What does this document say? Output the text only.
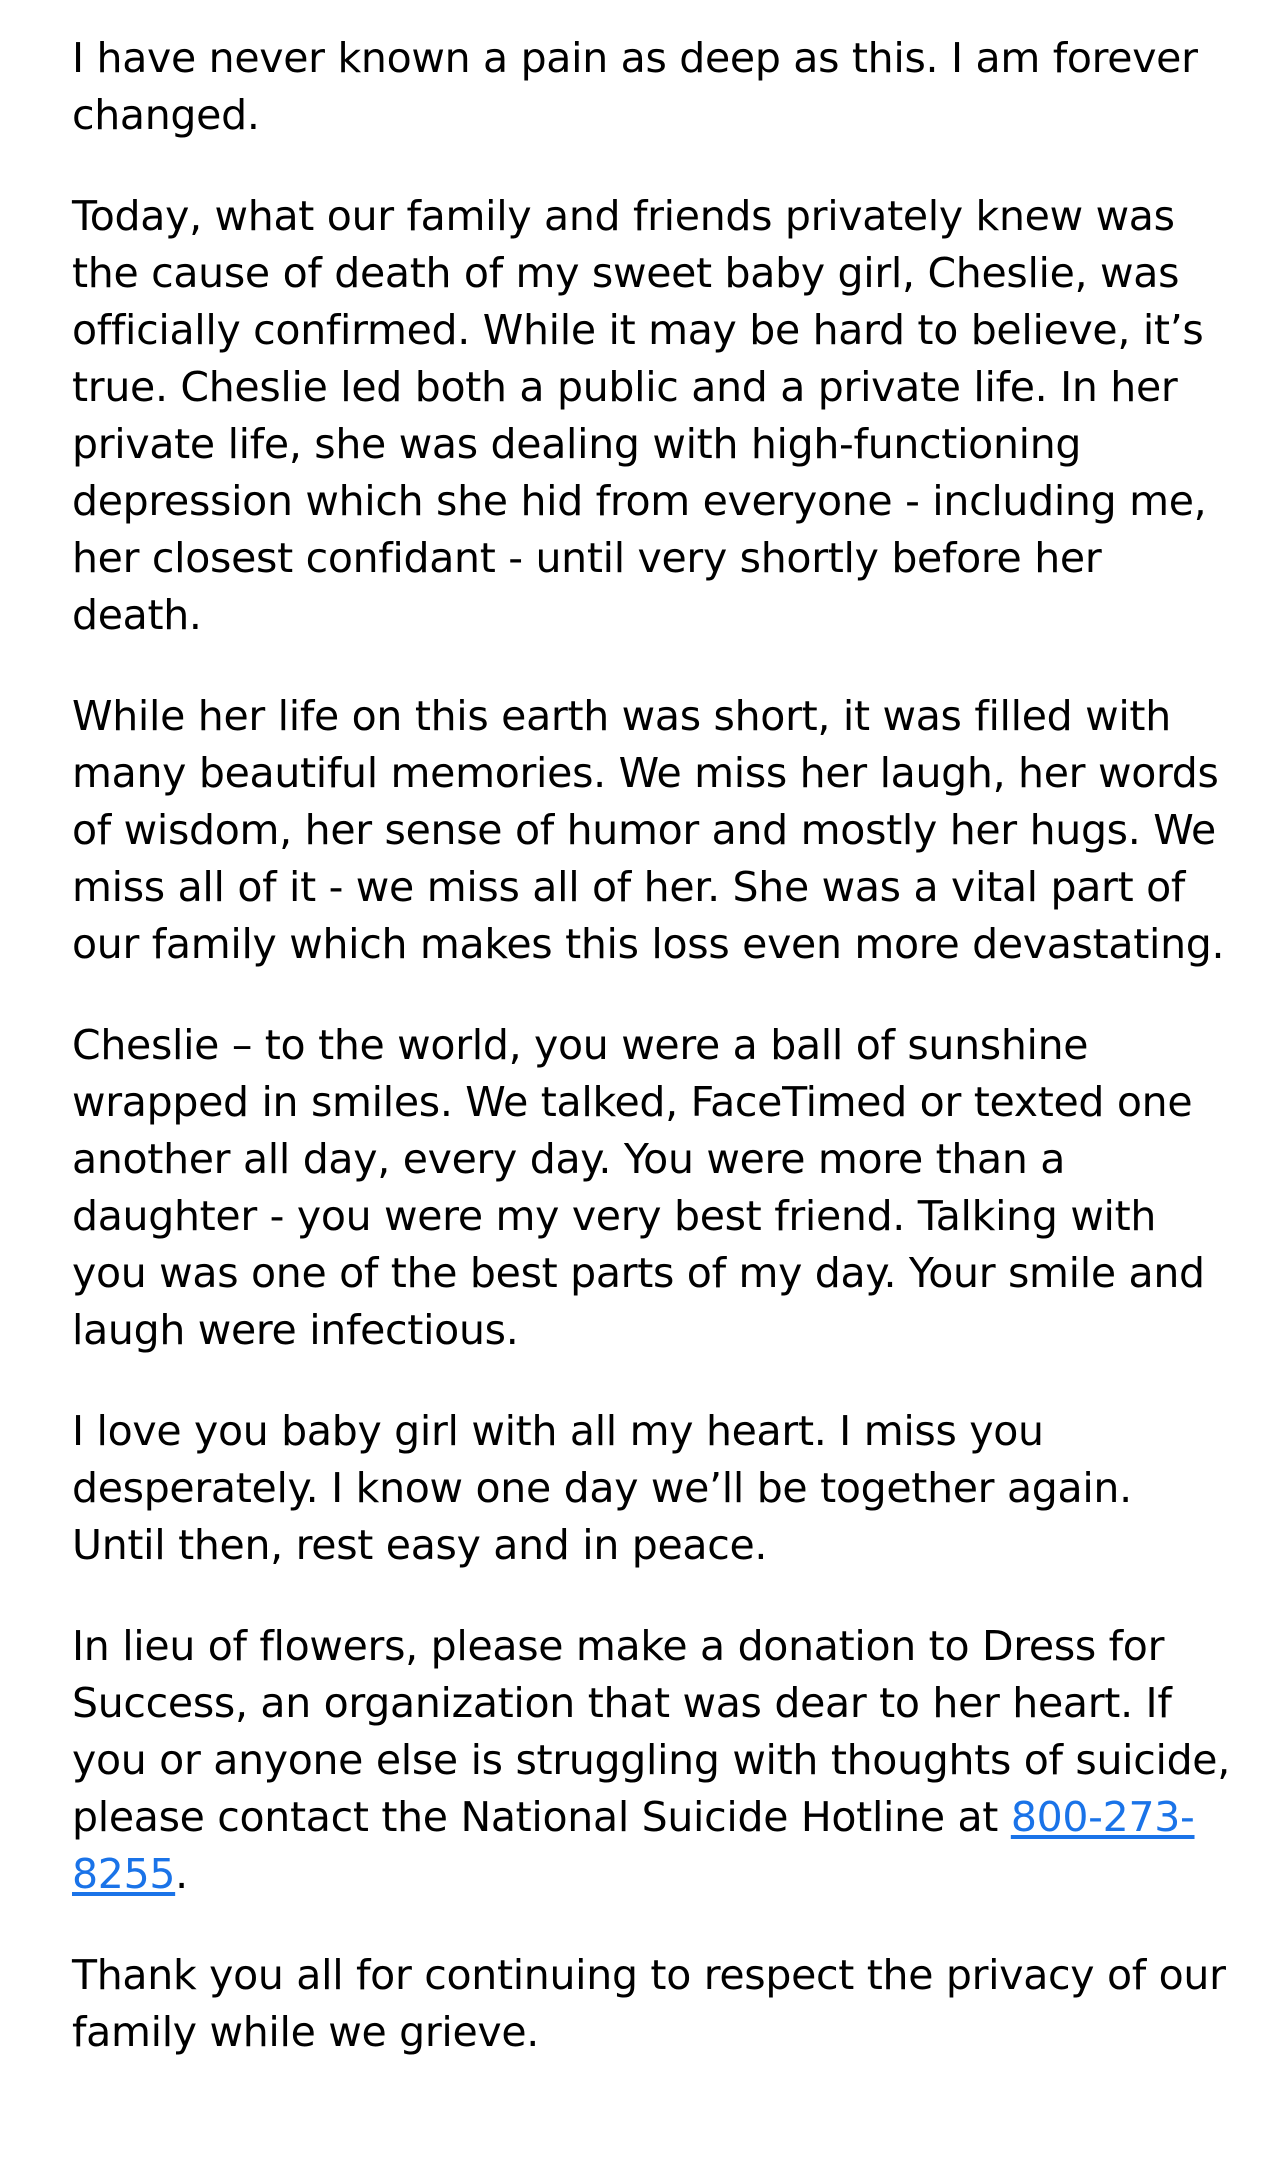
I have never known a pain as deep as this. I am forever changed.

Today, what our family and friends privately knew was the cause of death of my sweet baby girl, Cheslie, was officially confirmed. While it may be hard to believe, it’s true. Cheslie led both a public and a private life. In her private life, she was dealing with high-functioning depression which she hid from everyone - including me, her closest confidant - until very shortly before her death.

While her life on this earth was short, it was filled with many beautiful memories. We miss her laugh, her words of wisdom, her sense of humor and mostly her hugs. We miss all of it - we miss all of her. She was a vital part of our family which makes this loss even more devastating.

Cheslie – to the world, you were a ball of sunshine wrapped in smiles. We talked, FaceTimed or texted one another all day, every day. You were more than a daughter - you were my very best friend. Talking with you was one of the best parts of my day. Your smile and laugh were infectious.

I love you baby girl with all my heart. I miss you desperately. I know one day we’ll be together again. Until then, rest easy and in peace.

In lieu of flowers, please make a donation to Dress for Success, an organization that was dear to her heart. If you or anyone else is struggling with thoughts of suicide, please contact the National Suicide Hotline at 800-273-8255.

Thank you all for continuing to respect the privacy of our family while we grieve.
